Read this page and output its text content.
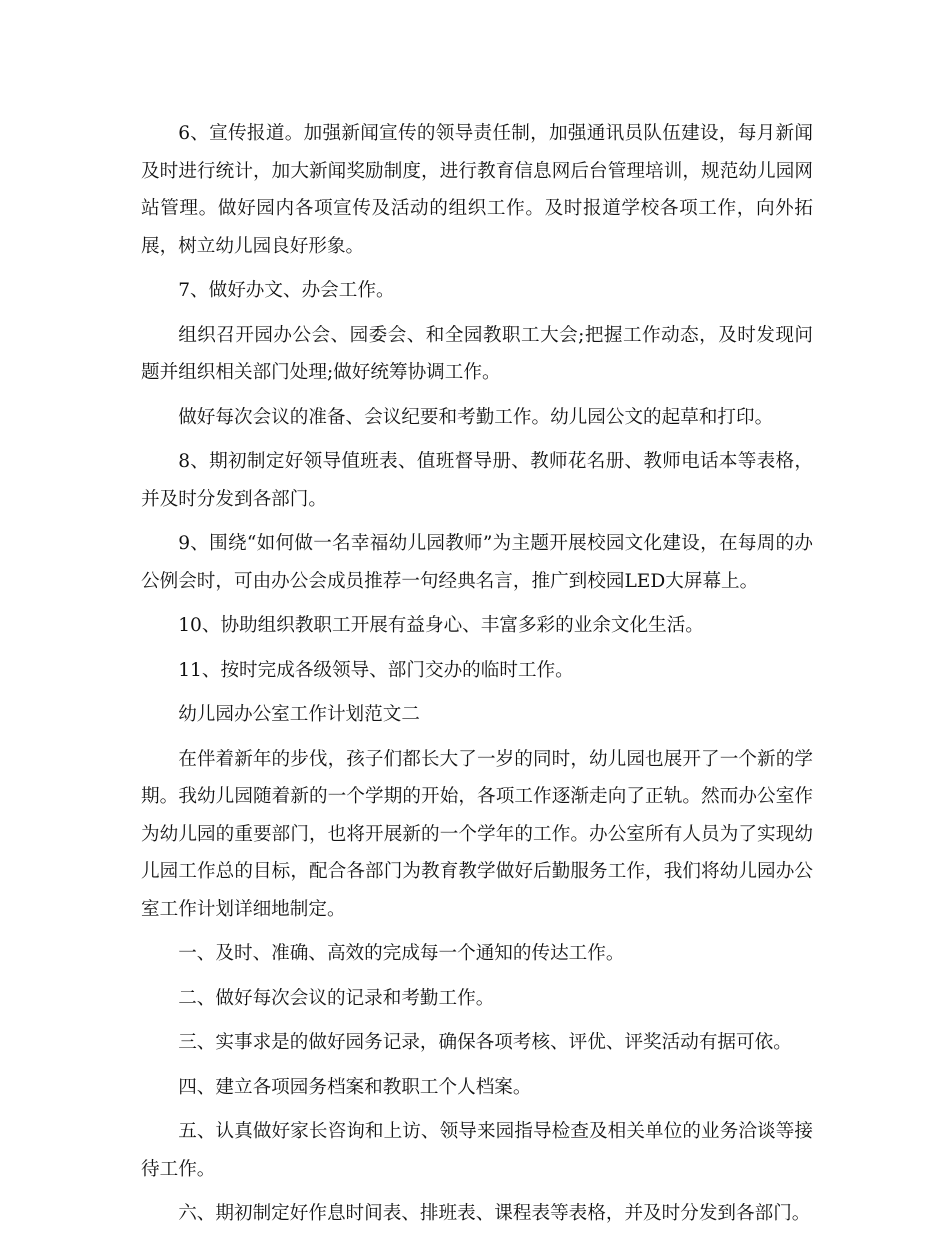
6、宣传报道。加强新闻宣传的领导责任制，加强通讯员队伍建设，每月新闻及时进行统计，加大新闻奖励制度，进行教育信息网后台管理培训，规范幼儿园网站管理。做好园内各项宣传及活动的组织工作。及时报道学校各项工作，向外拓展，树立幼儿园良好形象。

7、做好办文、办会工作。

组织召开园办公会、园委会、和全园教职工大会;把握工作动态，及时发现问题并组织相关部门处理;做好统筹协调工作。

做好每次会议的准备、会议纪要和考勤工作。幼儿园公文的起草和打印。

8、期初制定好领导值班表、值班督导册、教师花名册、教师电话本等表格，并及时分发到各部门。

9、围绕“如何做一名幸福幼儿园教师”为主题开展校园文化建设，在每周的办公例会时，可由办公会成员推荐一句经典名言，推广到校园LED大屏幕上。

10、协助组织教职工开展有益身心、丰富多彩的业余文化生活。

11、按时完成各级领导、部门交办的临时工作。

幼儿园办公室工作计划范文二

在伴着新年的步伐，孩子们都长大了一岁的同时，幼儿园也展开了一个新的学期。我幼儿园随着新的一个学期的开始，各项工作逐渐走向了正轨。然而办公室作为幼儿园的重要部门，也将开展新的一个学年的工作。办公室所有人员为了实现幼儿园工作总的目标，配合各部门为教育教学做好后勤服务工作，我们将幼儿园办公室工作计划详细地制定。

一、及时、准确、高效的完成每一个通知的传达工作。

二、做好每次会议的记录和考勤工作。

三、实事求是的做好园务记录，确保各项考核、评优、评奖活动有据可依。

四、建立各项园务档案和教职工个人档案。

五、认真做好家长咨询和上访、领导来园指导检查及相关单位的业务洽谈等接待工作。

六、期初制定好作息时间表、排班表、课程表等表格，并及时分发到各部门。
